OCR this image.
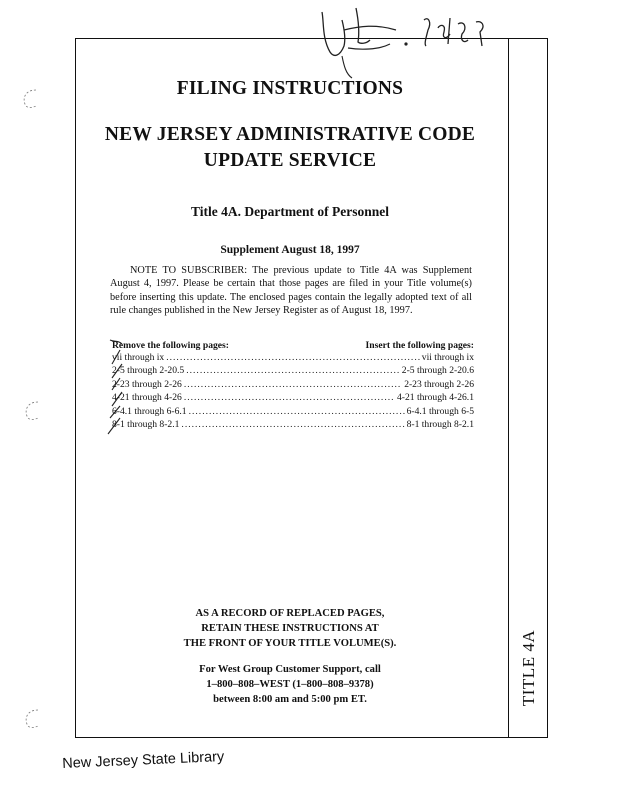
TITLE 4A
FILING INSTRUCTIONS
NEW JERSEY ADMINISTRATIVE CODE
UPDATE SERVICE
Title 4A. Department of Personnel
Supplement August 18, 1997
NOTE TO SUBSCRIBER: The previous update to Title 4A was Supplement August 4, 1997. Please be certain that those pages are filed in your Title volume(s) before inserting this update. The enclosed pages contain the legally adopted text of all rule changes published in the New Jersey Register as of August 18, 1997.
Remove the following pages:	Insert the following pages:
vii through ix .....	vii through ix
2-5 through 2-20.5 .....	2-5 through 2-20.6
2-23 through 2-26 .....	2-23 through 2-26
4-21 through 4-26 .....	4-21 through 4-26.1
6-4.1 through 6-6.1 .....	6-4.1 through 6-5
8-1 through 8-2.1 .....	8-1 through 8-2.1
AS A RECORD OF REPLACED PAGES,
RETAIN THESE INSTRUCTIONS AT
THE FRONT OF YOUR TITLE VOLUME(S).
For West Group Customer Support, call
1–800–808–WEST (1–800–808–9378)
between 8:00 am and 5:00 pm ET.
New Jersey State Library
